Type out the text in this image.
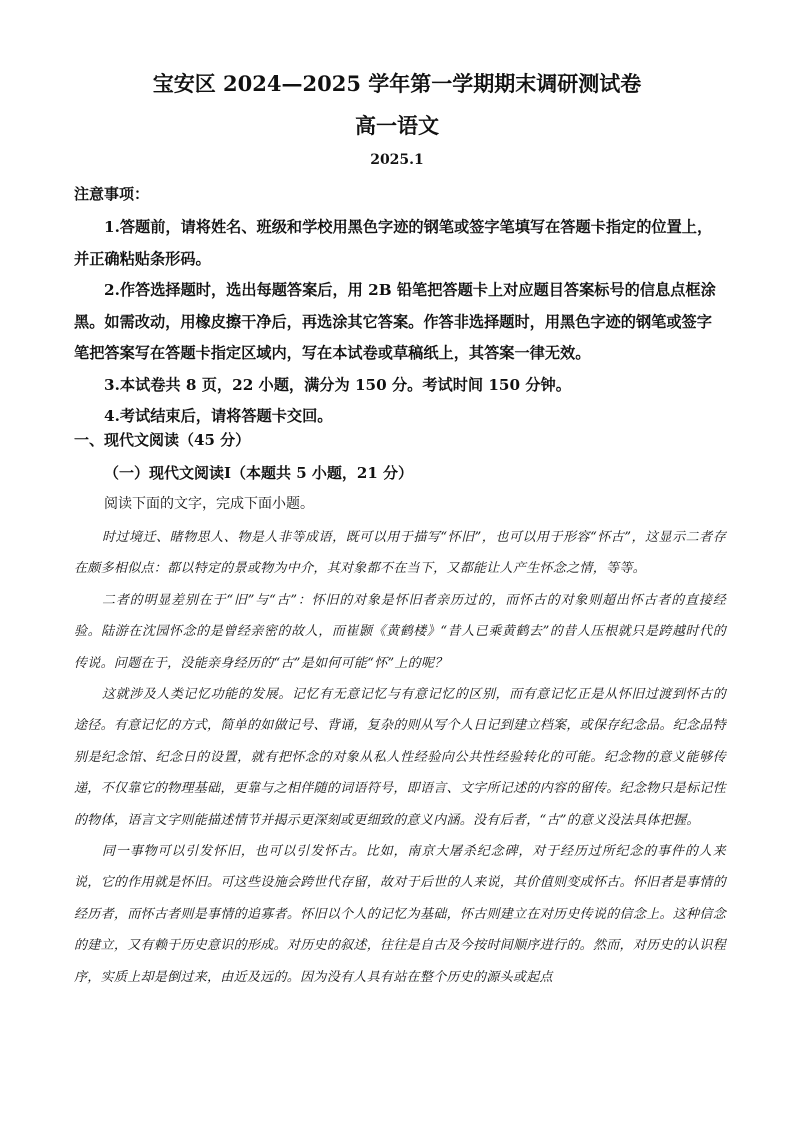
宝安区 2024—2025 学年第一学期期末调研测试卷
高一语文
2025.1
注意事项：

1.答题前，请将姓名、班级和学校用黑色字迹的钢笔或签字笔填写在答题卡指定的位置上，并正确粘贴条形码。

2.作答选择题时，选出每题答案后，用 2B 铅笔把答题卡上对应题目答案标号的信息点框涂黑。如需改动，用橡皮擦干净后，再选涂其它答案。作答非选择题时，用黑色字迹的钢笔或签字笔把答案写在答题卡指定区域内，写在本试卷或草稿纸上，其答案一律无效。

3.本试卷共 8 页，22 小题，满分为 150 分。考试时间 150 分钟。

4.考试结束后，请将答题卡交回。

一、现代文阅读（45 分）
（一）现代文阅读Ⅰ（本题共 5 小题，21 分）
阅读下面的文字，完成下面小题。

时过境迁、睹物思人、物是人非等成语，既可以用于描写“怀旧”，也可以用于形容“怀古”，这显示二者存在颇多相似点：都以特定的景或物为中介，其对象都不在当下，又都能让人产生怀念之情，等等。

二者的明显差别在于“旧”与“古”：怀旧的对象是怀旧者亲历过的，而怀古的对象则超出怀古者的直接经验。陆游在沈园怀念的是曾经亲密的故人，而崔颢《黄鹤楼》“昔人已乘黄鹤去”的昔人压根就只是跨越时代的传说。问题在于，没能亲身经历的“古”是如何可能“怀”上的呢？

这就涉及人类记忆功能的发展。记忆有无意记忆与有意记忆的区别，而有意记忆正是从怀旧过渡到怀古的途径。有意记忆的方式，简单的如做记号、背诵，复杂的则从写个人日记到建立档案，或保存纪念品。纪念品特别是纪念馆、纪念日的设置，就有把怀念的对象从私人性经验向公共性经验转化的可能。纪念物的意义能够传递，不仅靠它的物理基础，更靠与之相伴随的词语符号，即语言、文字所记述的内容的留传。纪念物只是标记性的物体，语言文字则能描述情节并揭示更深刻或更细致的意义内涵。没有后者，“古”的意义没法具体把握。

同一事物可以引发怀旧，也可以引发怀古。比如，南京大屠杀纪念碑，对于经历过所纪念的事件的人来说，它的作用就是怀旧。可这些设施会跨世代存留，故对于后世的人来说，其价值则变成怀古。怀旧者是事情的经历者，而怀古者则是事情的追寡者。怀旧以个人的记忆为基础，怀古则建立在对历史传说的信念上。这种信念的建立，又有赖于历史意识的形成。对历史的叙述，往往是自古及今按时间顺序进行的。然而，对历史的认识程序，实质上却是倒过来，由近及远的。因为没有人具有站在整个历史的源头或起点
